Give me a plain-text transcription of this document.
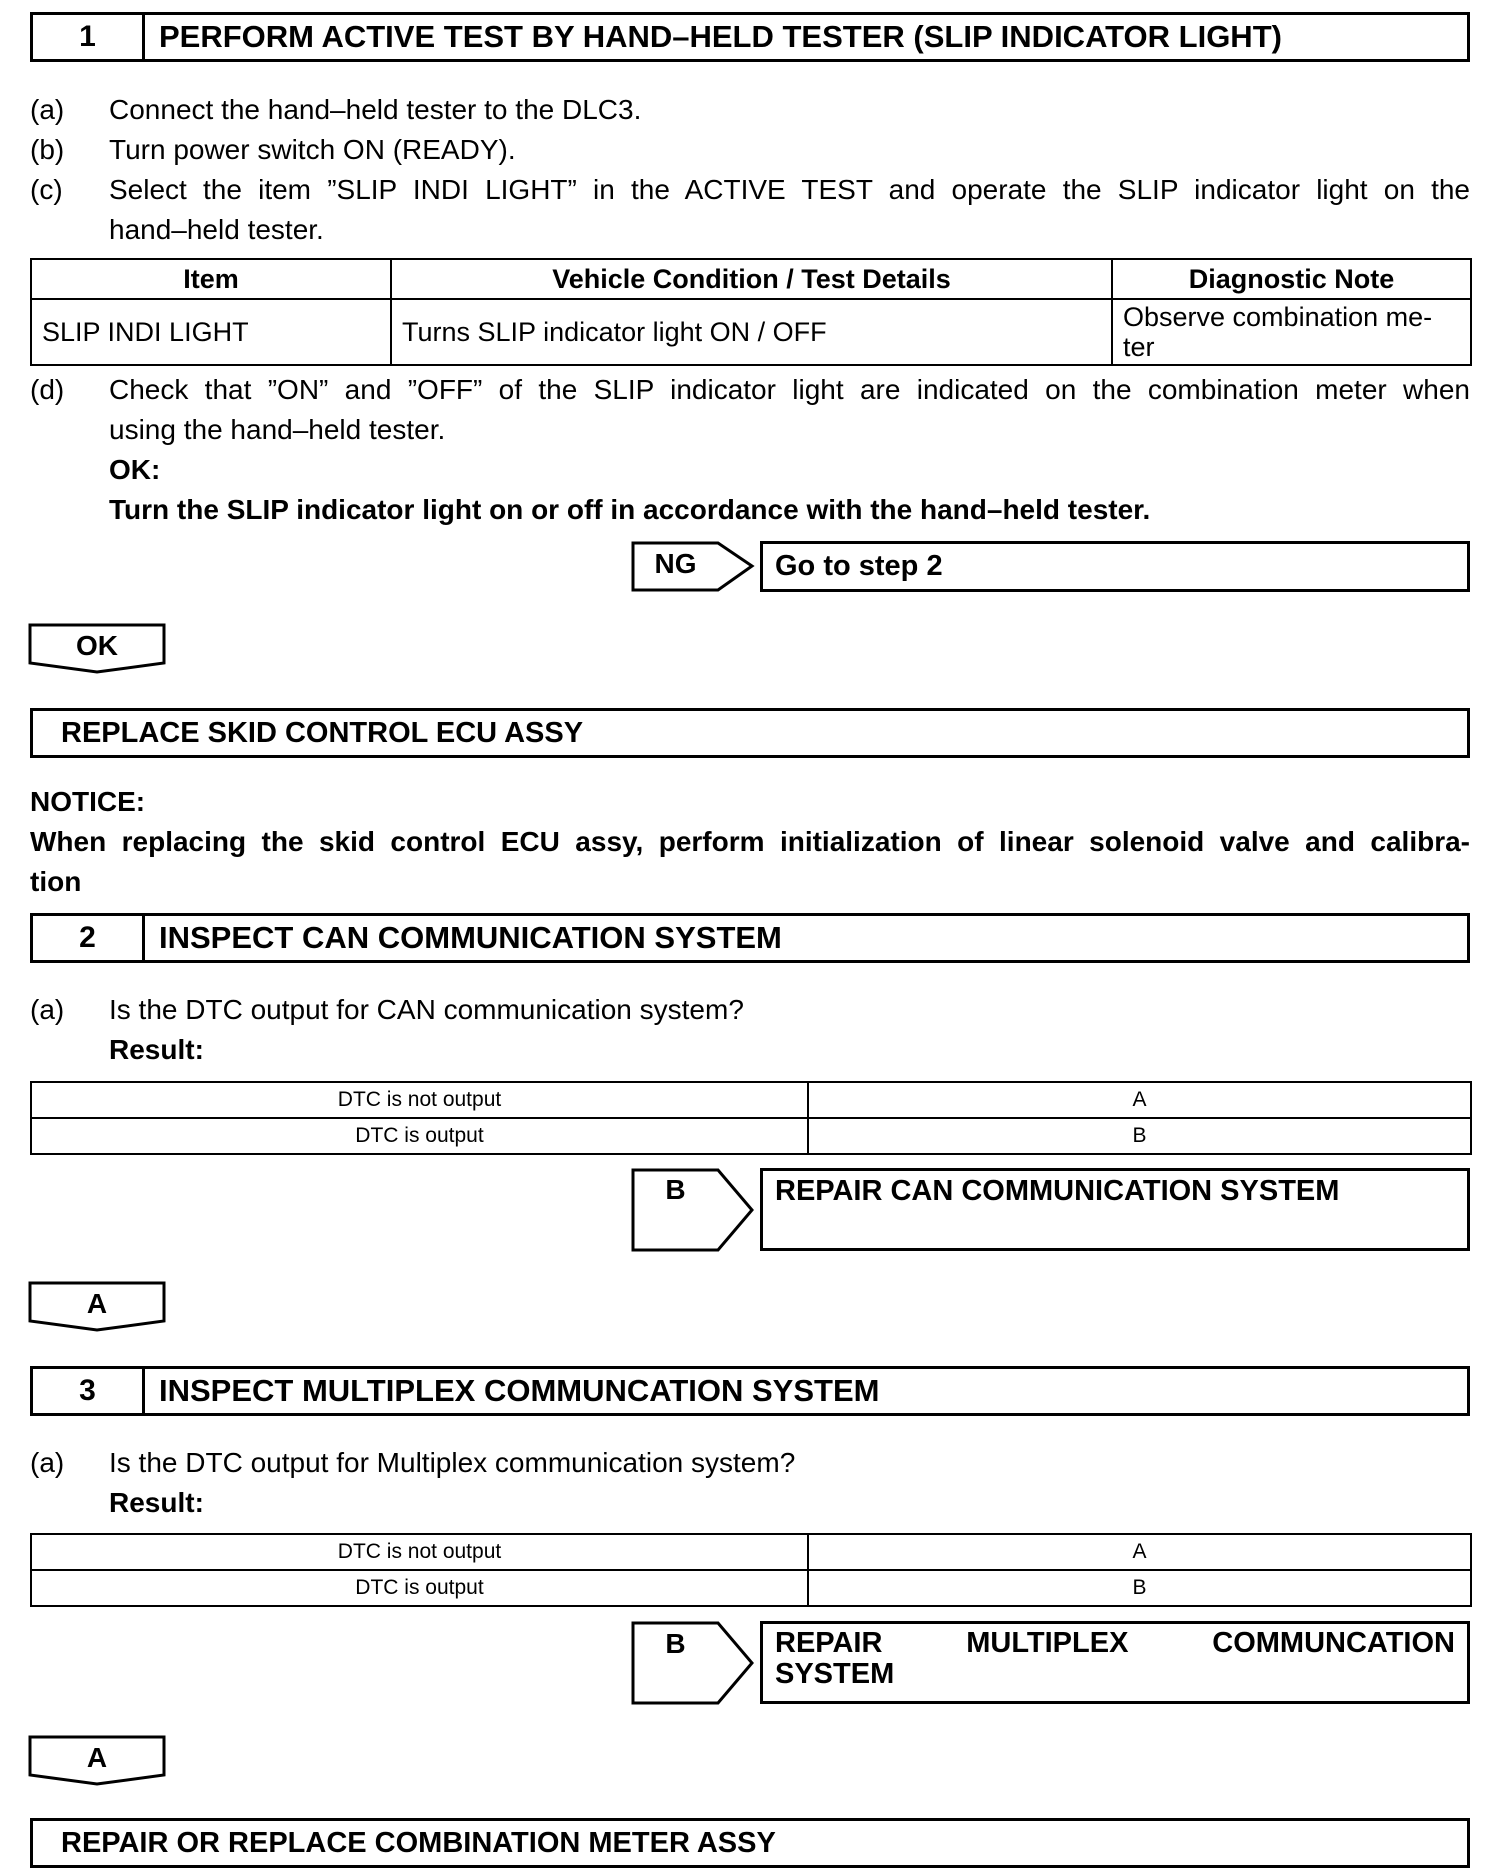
1	PERFORM ACTIVE TEST BY HAND–HELD TESTER (SLIP INDICATOR LIGHT)
(a) Connect the hand–held tester to the DLC3.
(b) Turn power switch ON (READY).
(c) Select the item ”SLIP INDI LIGHT” in the ACTIVE TEST and operate the SLIP indicator light on the
hand–held tester.
Item	Vehicle Condition / Test Details	Diagnostic Note
SLIP INDI LIGHT	Turns SLIP indicator light ON / OFF	Observe combination me-
ter
(d) Check that ”ON” and ”OFF” of the SLIP indicator light are indicated on the combination meter when
using the hand–held tester.
OK:
Turn the SLIP indicator light on or off in accordance with the hand–held tester.
NG	Go to step 2
OK
REPLACE SKID CONTROL ECU ASSY
NOTICE:
When replacing the skid control ECU assy, perform initialization of linear solenoid valve and calibra-
tion
2	INSPECT CAN COMMUNICATION SYSTEM
(a) Is the DTC output for CAN communication system?
Result:
DTC is not output	A
DTC is output	B
B	REPAIR CAN COMMUNICATION SYSTEM
A
3	INSPECT MULTIPLEX COMMUNCATION SYSTEM
(a) Is the DTC output for Multiplex communication system?
Result:
DTC is not output	A
DTC is output	B
B	REPAIR	MULTIPLEX	COMMUNCATION
SYSTEM
A
REPAIR OR REPLACE COMBINATION METER ASSY
